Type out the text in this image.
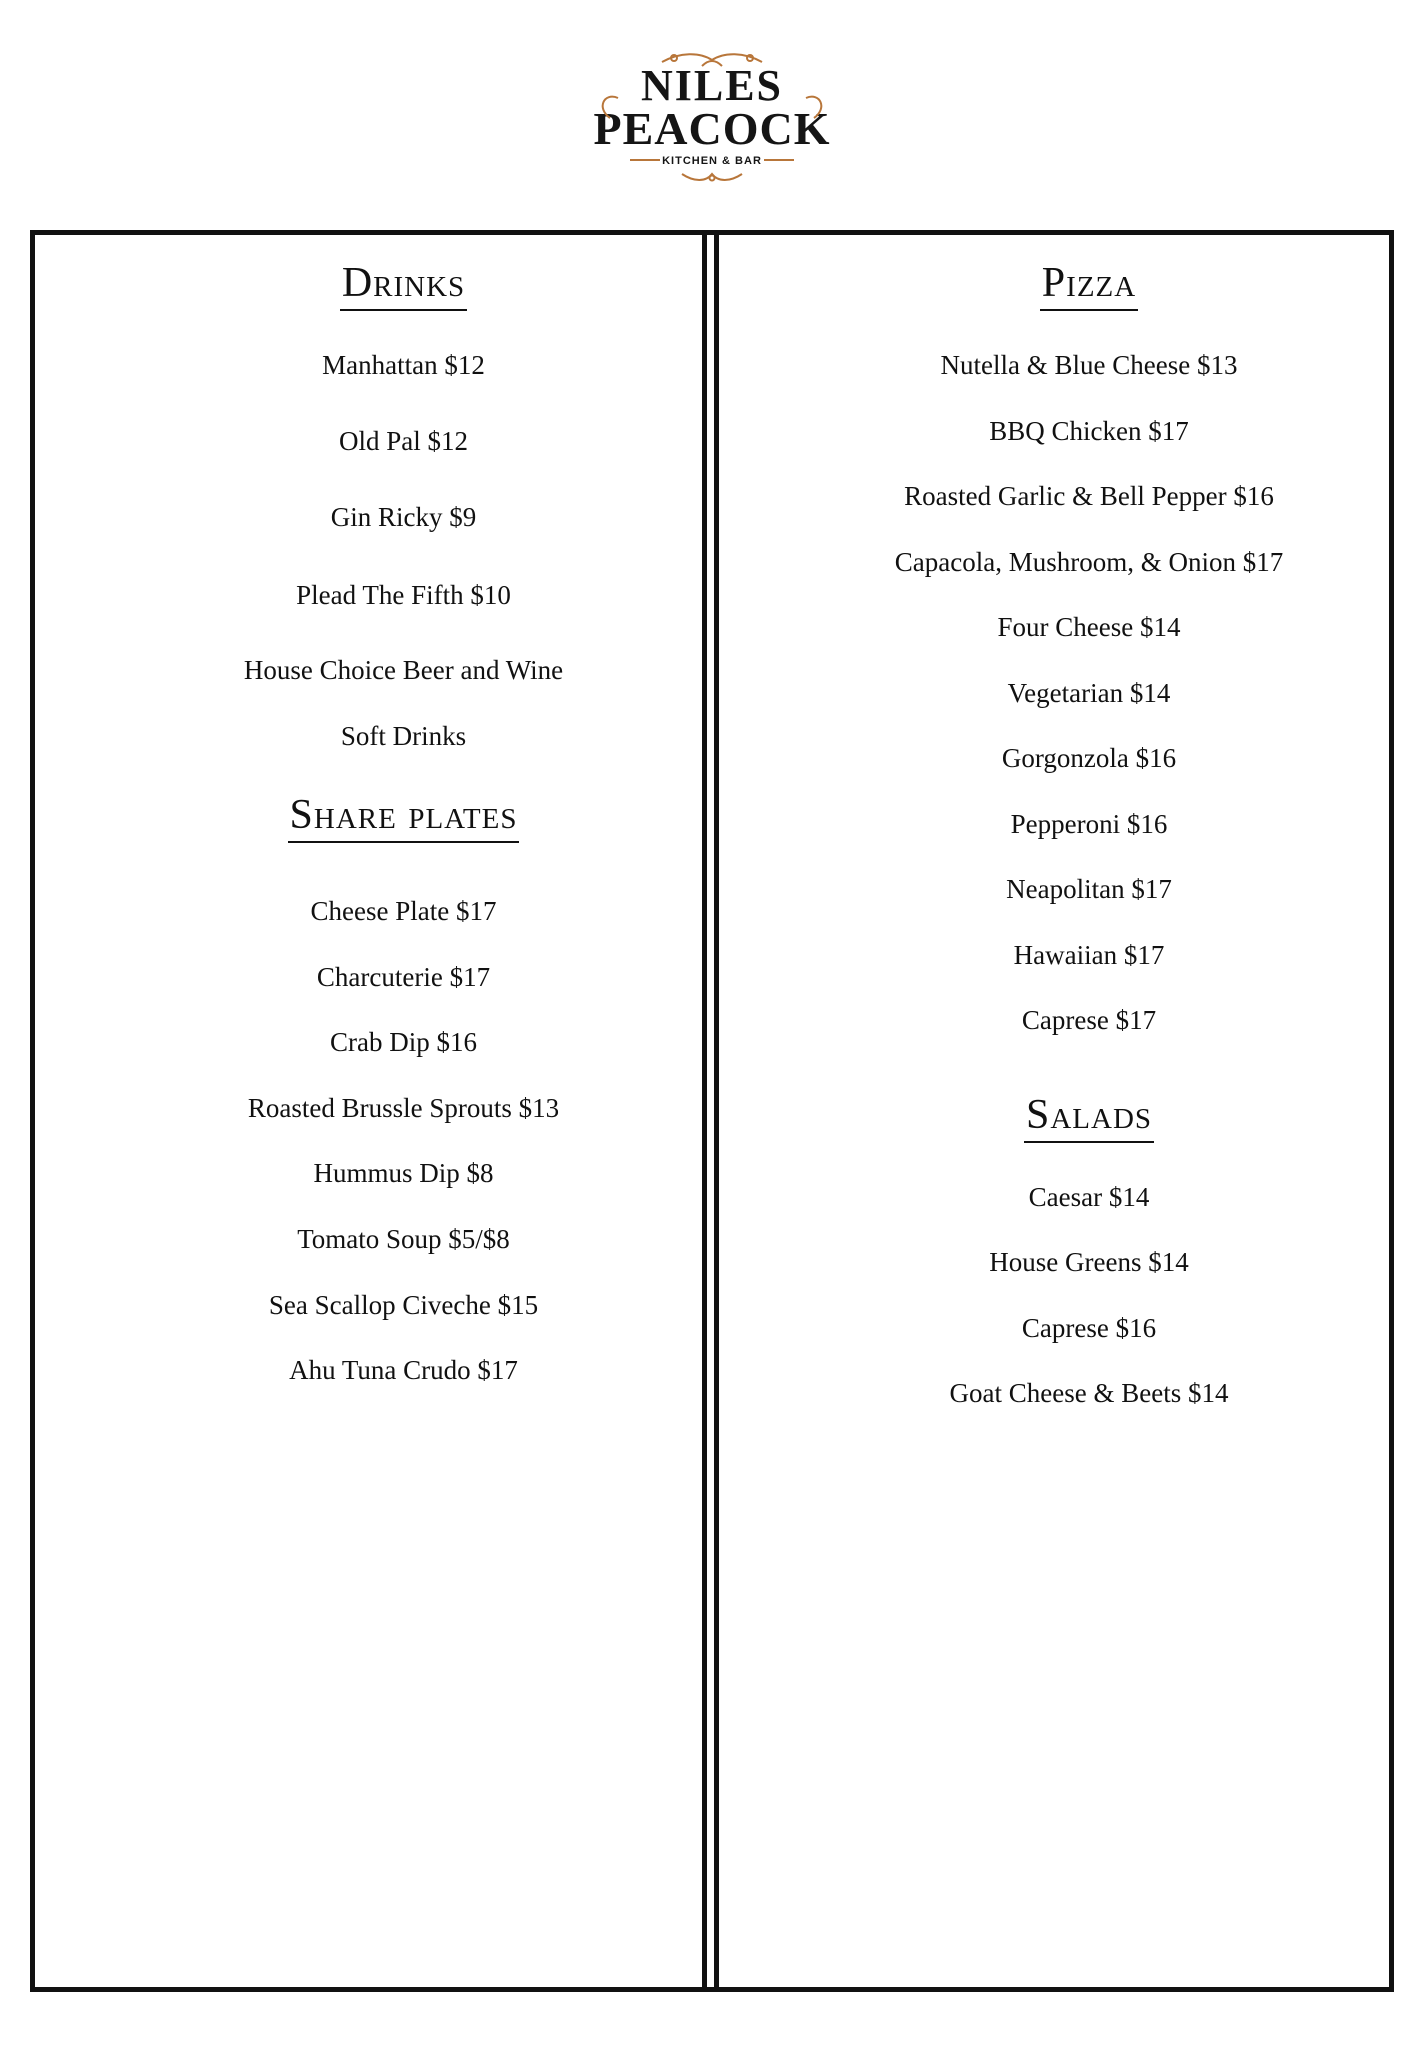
NILES
PEACOCK
KITCHEN & BAR
Drinks
Manhattan $12
Old Pal $12
Gin Ricky $9
Plead The Fifth $10
House Choice Beer and Wine
Soft Drinks
Share plates
Cheese Plate $17
Charcuterie $17
Crab Dip $16
Roasted Brussle Sprouts $13
Hummus Dip $8
Tomato Soup $5/$8
Sea Scallop Civeche $15
Ahu Tuna Crudo $17
Pizza
Nutella & Blue Cheese $13
BBQ Chicken $17
Roasted Garlic & Bell Pepper $16
Capacola, Mushroom, & Onion $17
Four Cheese $14
Vegetarian $14
Gorgonzola $16
Pepperoni $16
Neapolitan $17
Hawaiian $17
Caprese $17
Salads
Caesar $14
House Greens $14
Caprese $16
Goat Cheese & Beets $14
